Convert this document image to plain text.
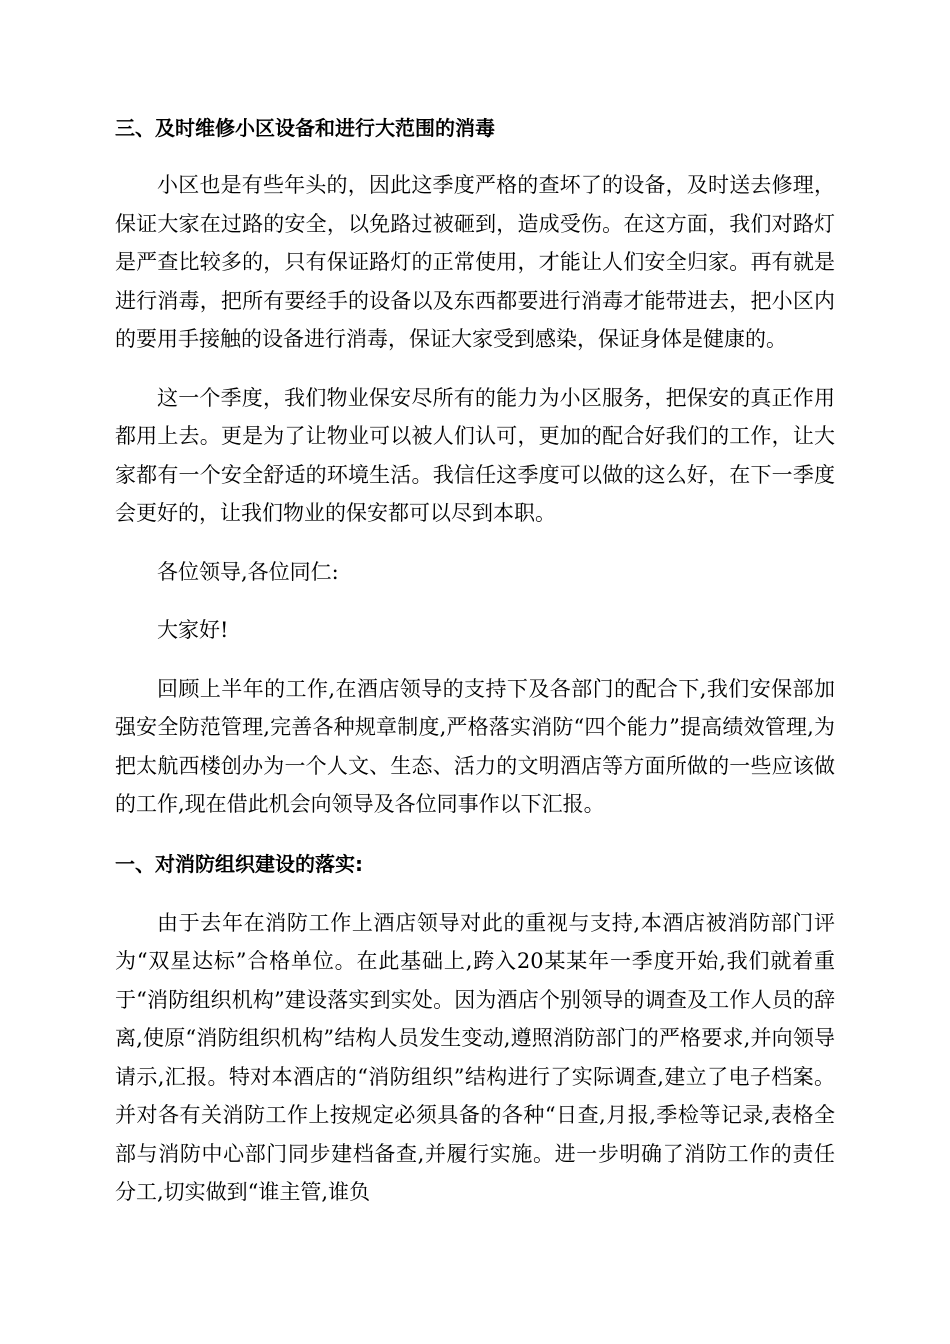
三、及时维修小区设备和进行大范围的消毒

小区也是有些年头的，因此这季度严格的查坏了的设备，及时送去修理，保证大家在过路的安全，以免路过被砸到，造成受伤。在这方面，我们对路灯是严查比较多的，只有保证路灯的正常使用，才能让人们安全归家。再有就是进行消毒，把所有要经手的设备以及东西都要进行消毒才能带进去，把小区内的要用手接触的设备进行消毒，保证大家受到感染，保证身体是健康的。

这一个季度，我们物业保安尽所有的能力为小区服务，把保安的真正作用都用上去。更是为了让物业可以被人们认可，更加的配合好我们的工作，让大家都有一个安全舒适的环境生活。我信任这季度可以做的这么好，在下一季度会更好的，让我们物业的保安都可以尽到本职。

各位领导,各位同仁:

大家好!

回顾上半年的工作,在酒店领导的支持下及各部门的配合下,我们安保部加强安全防范管理,完善各种规章制度,严格落实消防“四个能力”提高绩效管理,为把太航西楼创办为一个人文、生态、活力的文明酒店等方面所做的一些应该做的工作,现在借此机会向领导及各位同事作以下汇报。

一、对消防组织建设的落实:

由于去年在消防工作上酒店领导对此的重视与支持,本酒店被消防部门评为“双星达标”合格单位。在此基础上,跨入20某某年一季度开始,我们就着重于“消防组织机构”建设落实到实处。因为酒店个别领导的调查及工作人员的辞离,使原“消防组织机构”结构人员发生变动,遵照消防部门的严格要求,并向领导请示,汇报。特对本酒店的“消防组织”结构进行了实际调查,建立了电子档案。并对各有关消防工作上按规定必须具备的各种“日查,月报,季检等记录,表格全部与消防中心部门同步建档备查,并履行实施。进一步明确了消防工作的责任分工,切实做到“谁主管,谁负
